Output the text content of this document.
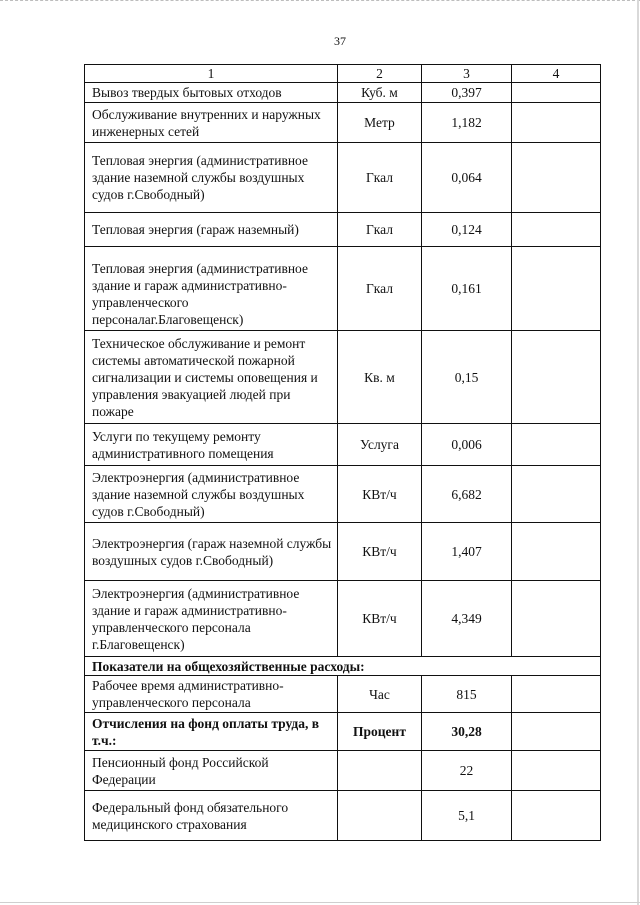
37
1	2	3	4
Вывоз твердых бытовых отходов	Куб. м	0,397	
Обслуживание внутренних и наружных инженерных сетей	Метр	1,182	
Тепловая энергия (административное здание наземной службы воздушных судов г.Свободный)	Гкал	0,064	
Тепловая энергия (гараж наземный)	Гкал	0,124	
Тепловая энергия (административное здание и гараж административно-управленческого персоналаг.Благовещенск)	Гкал	0,161	
Техническое обслуживание и ремонт системы автоматической пожарной сигнализации и системы оповещения и управления эвакуацией людей при пожаре	Кв. м	0,15	
Услуги по текущему ремонту административного помещения	Услуга	0,006	
Электроэнергия (административное здание наземной службы воздушных судов г.Свободный)	КВт/ч	6,682	
Электроэнергия (гараж наземной службы воздушных судов г.Свободный)	КВт/ч	1,407	
Электроэнергия (административное здание и гараж административно-управленческого персонала г.Благовещенск)	КВт/ч	4,349	
Показатели на общехозяйственные расходы:			
Рабочее время административно-управленческого персонала	Час	815	
Отчисления на фонд оплаты труда, в т.ч.:	Процент	30,28	
Пенсионный фонд Российской Федерации		22	
Федеральный фонд обязательного медицинского страхования		5,1	
